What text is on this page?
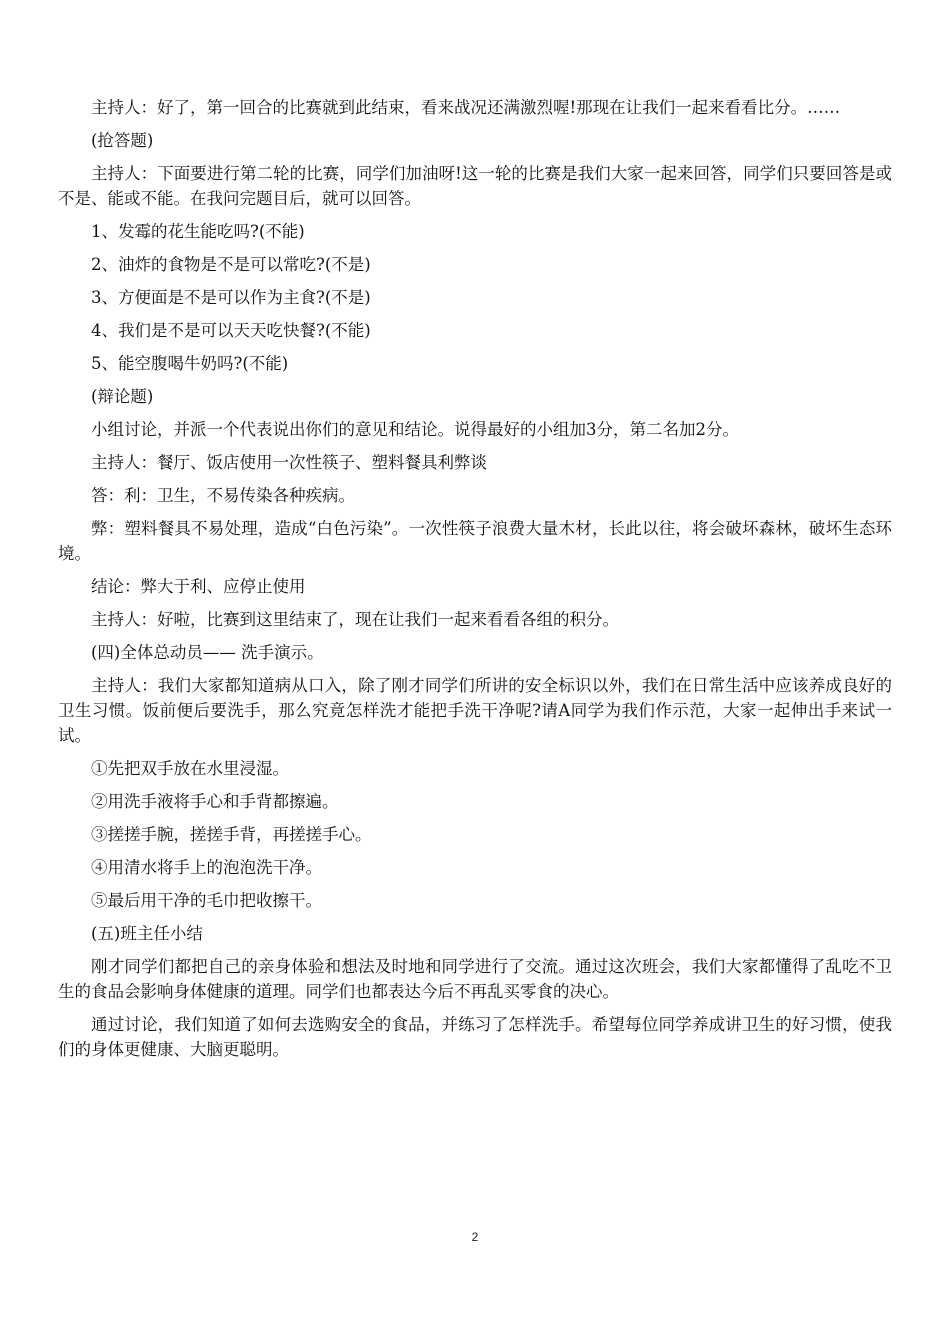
主持人：好了，第一回合的比赛就到此结束，看来战况还满激烈喔!那现在让我们一起来看看比分。……

(抢答题)

主持人：下面要进行第二轮的比赛，同学们加油呀!这一轮的比赛是我们大家一起来回答，同学们只要回答是或不是、能或不能。在我问完题目后，就可以回答。

1、发霉的花生能吃吗?(不能)

2、油炸的食物是不是可以常吃?(不是)

3、方便面是不是可以作为主食?(不是)

4、我们是不是可以天天吃快餐?(不能)

5、能空腹喝牛奶吗?(不能)

(辩论题)

小组讨论，并派一个代表说出你们的意见和结论。说得最好的小组加3分，第二名加2分。

主持人：餐厅、饭店使用一次性筷子、塑料餐具利弊谈

答：利：卫生，不易传染各种疾病。

弊：塑料餐具不易处理，造成“白色污染”。一次性筷子浪费大量木材，长此以往，将会破坏森林，破坏生态环境。

结论：弊大于利、应停止使用

主持人：好啦，比赛到这里结束了，现在让我们一起来看看各组的积分。

(四)全体总动员—— 洗手演示。

主持人：我们大家都知道病从口入，除了刚才同学们所讲的安全标识以外，我们在日常生活中应该养成良好的卫生习惯。饭前便后要洗手，那么究竟怎样洗才能把手洗干净呢?请A同学为我们作示范，大家一起伸出手来试一试。

①先把双手放在水里浸湿。

②用洗手液将手心和手背都擦遍。

③搓搓手腕，搓搓手背，再搓搓手心。

④用清水将手上的泡泡洗干净。

⑤最后用干净的毛巾把收擦干。

(五)班主任小结

刚才同学们都把自己的亲身体验和想法及时地和同学进行了交流。通过这次班会，我们大家都懂得了乱吃不卫生的食品会影响身体健康的道理。同学们也都表达今后不再乱买零食的决心。

通过讨论，我们知道了如何去选购安全的食品，并练习了怎样洗手。希望每位同学养成讲卫生的好习惯，使我们的身体更健康、大脑更聪明。

2
